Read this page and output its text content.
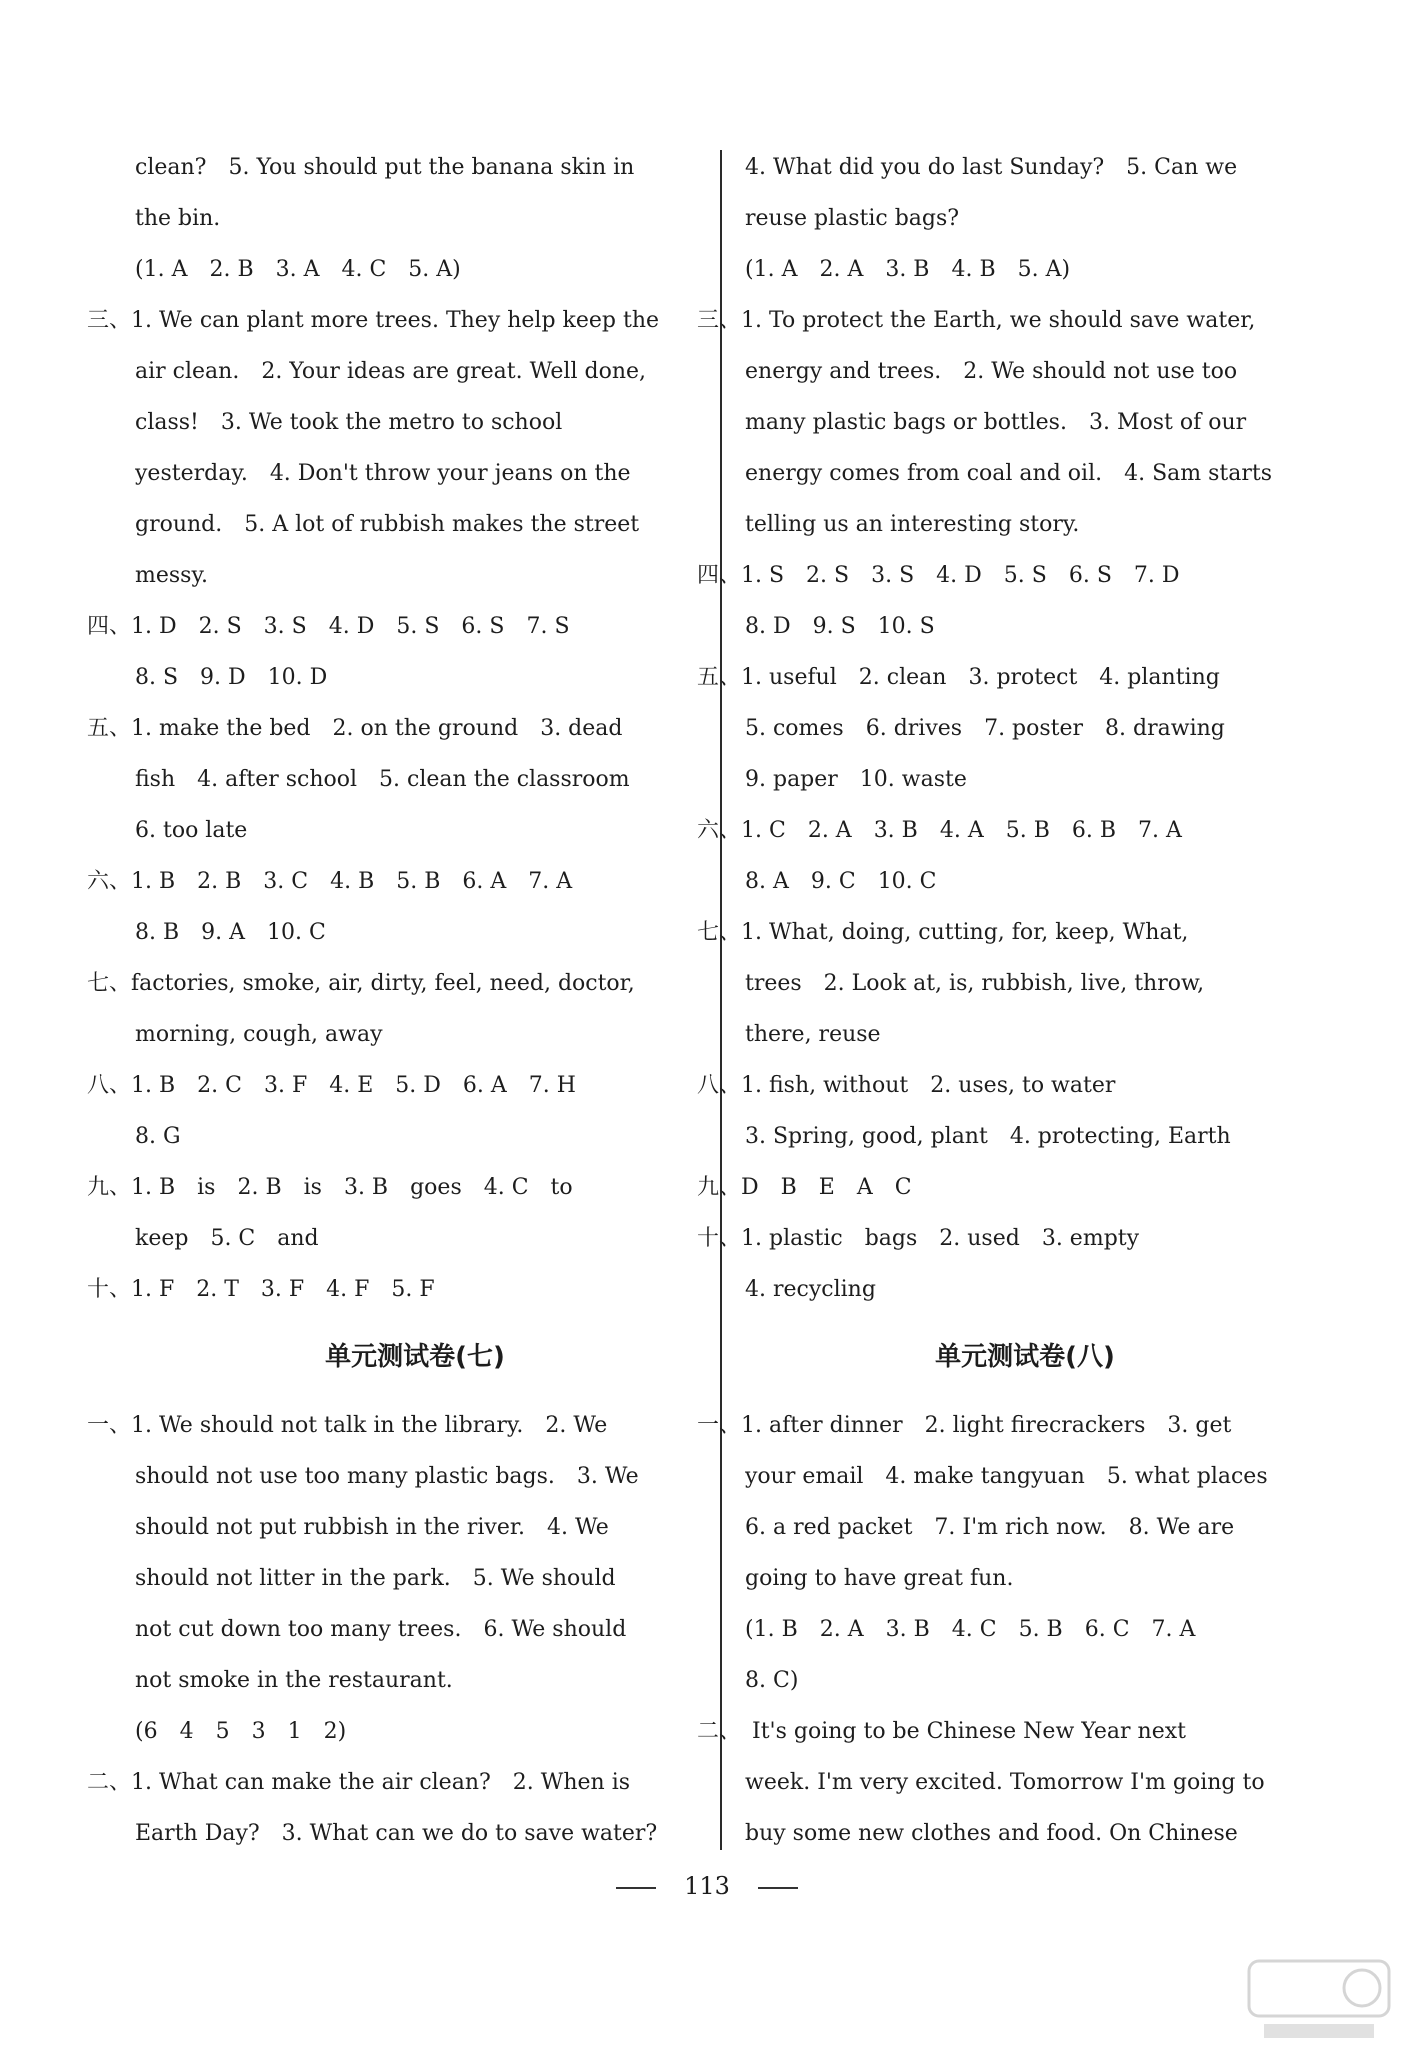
clean?　5. You should put the banana skin in
the bin.
(1. A　2. B　3. A　4. C　5. A)
三、1. We can plant more trees. They help keep the
air clean.　2. Your ideas are great. Well done,
class!　3. We took the metro to school
yesterday.　4. Don't throw your jeans on the
ground.　5. A lot of rubbish makes the street
messy.
四、1. D　2. S　3. S　4. D　5. S　6. S　7. S
8. S　9. D　10. D
五、1. make the bed　2. on the ground　3. dead
fish　4. after school　5. clean the classroom
6. too late
六、1. B　2. B　3. C　4. B　5. B　6. A　7. A
8. B　9. A　10. C
七、factories, smoke, air, dirty, feel, need, doctor,
morning, cough, away
八、1. B　2. C　3. F　4. E　5. D　6. A　7. H
8. G
九、1. B　is　2. B　is　3. B　goes　4. C　to
keep　5. C　and
十、1. F　2. T　3. F　4. F　5. F
单元测试卷(七)
一、1. We should not talk in the library.　2. We
should not use too many plastic bags.　3. We
should not put rubbish in the river.　4. We
should not litter in the park.　5. We should
not cut down too many trees.　6. We should
not smoke in the restaurant.
(6　4　5　3　1　2)
二、1. What can make the air clean?　2. When is
Earth Day?　3. What can we do to save water?
4. What did you do last Sunday?　5. Can we
reuse plastic bags?
(1. A　2. A　3. B　4. B　5. A)
三、1. To protect the Earth, we should save water,
energy and trees.　2. We should not use too
many plastic bags or bottles.　3. Most of our
energy comes from coal and oil.　4. Sam starts
telling us an interesting story.
四、1. S　2. S　3. S　4. D　5. S　6. S　7. D
8. D　9. S　10. S
五、1. useful　2. clean　3. protect　4. planting
5. comes　6. drives　7. poster　8. drawing
9. paper　10. waste
六、1. C　2. A　3. B　4. A　5. B　6. B　7. A
8. A　9. C　10. C
七、1. What, doing, cutting, for, keep, What,
trees　2. Look at, is, rubbish, live, throw,
there, reuse
八、1. fish, without　2. uses, to water
3. Spring, good, plant　4. protecting, Earth
九、D　B　E　A　C
十、1. plastic　bags　2. used　3. empty
4. recycling
单元测试卷(八)
一、1. after dinner　2. light firecrackers　3. get
your email　4. make tangyuan　5. what places
6. a red packet　7. I'm rich now.　8. We are
going to have great fun.
(1. B　2. A　3. B　4. C　5. B　6. C　7. A
8. C)
二、　It's going to be Chinese New Year next
week. I'm very excited. Tomorrow I'm going to
buy some new clothes and food. On Chinese
113
